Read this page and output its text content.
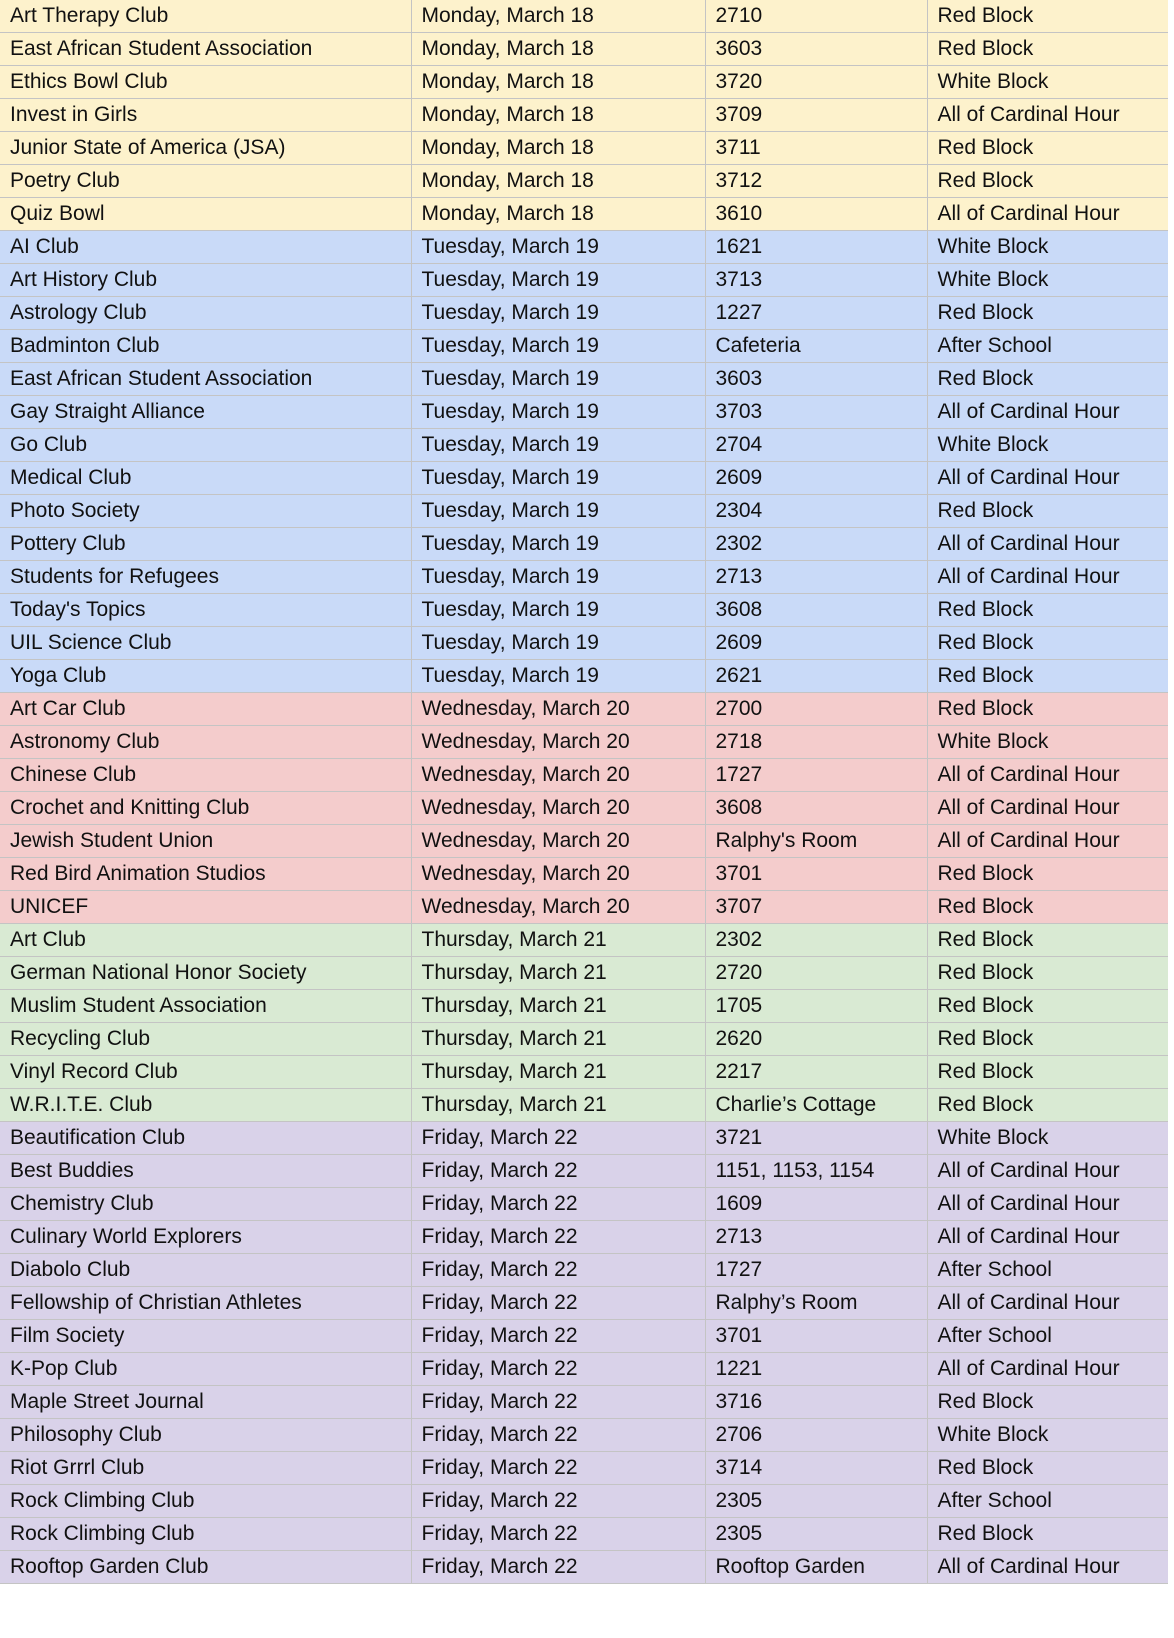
Art Therapy Club	Monday, March 18	2710	Red Block
East African Student Association	Monday, March 18	3603	Red Block
Ethics Bowl Club	Monday, March 18	3720	White Block
Invest in Girls	Monday, March 18	3709	All of Cardinal Hour
Junior State of America (JSA)	Monday, March 18	3711	Red Block
Poetry Club	Monday, March 18	3712	Red Block
Quiz Bowl	Monday, March 18	3610	All of Cardinal Hour
AI Club	Tuesday, March 19	1621	White Block
Art History Club	Tuesday, March 19	3713	White Block
Astrology Club	Tuesday, March 19	1227	Red Block
Badminton Club	Tuesday, March 19	Cafeteria	After School
East African Student Association	Tuesday, March 19	3603	Red Block
Gay Straight Alliance	Tuesday, March 19	3703	All of Cardinal Hour
Go Club	Tuesday, March 19	2704	White Block
Medical Club	Tuesday, March 19	2609	All of Cardinal Hour
Photo Society	Tuesday, March 19	2304	Red Block
Pottery Club	Tuesday, March 19	2302	All of Cardinal Hour
Students for Refugees	Tuesday, March 19	2713	All of Cardinal Hour
Today's Topics	Tuesday, March 19	3608	Red Block
UIL Science Club	Tuesday, March 19	2609	Red Block
Yoga Club	Tuesday, March 19	2621	Red Block
Art Car Club	Wednesday, March 20	2700	Red Block
Astronomy Club	Wednesday, March 20	2718	White Block
Chinese Club	Wednesday, March 20	1727	All of Cardinal Hour
Crochet and Knitting Club	Wednesday, March 20	3608	All of Cardinal Hour
Jewish Student Union	Wednesday, March 20	Ralphy's Room	All of Cardinal Hour
Red Bird Animation Studios	Wednesday, March 20	3701	Red Block
UNICEF	Wednesday, March 20	3707	Red Block
Art Club	Thursday, March 21	2302	Red Block
German National Honor Society	Thursday, March 21	2720	Red Block
Muslim Student Association	Thursday, March 21	1705	Red Block
Recycling Club	Thursday, March 21	2620	Red Block
Vinyl Record Club	Thursday, March 21	2217	Red Block
W.R.I.T.E. Club	Thursday, March 21	Charlie’s Cottage	Red Block
Beautification Club	Friday, March 22	3721	White Block
Best Buddies	Friday, March 22	1151, 1153, 1154	All of Cardinal Hour
Chemistry Club	Friday, March 22	1609	All of Cardinal Hour
Culinary World Explorers	Friday, March 22	2713	All of Cardinal Hour
Diabolo Club	Friday, March 22	1727	After School
Fellowship of Christian Athletes	Friday, March 22	Ralphy’s Room	All of Cardinal Hour
Film Society	Friday, March 22	3701	After School
K-Pop Club	Friday, March 22	1221	All of Cardinal Hour
Maple Street Journal	Friday, March 22	3716	Red Block
Philosophy Club	Friday, March 22	2706	White Block
Riot Grrrl Club	Friday, March 22	3714	Red Block
Rock Climbing Club	Friday, March 22	2305	After School
Rock Climbing Club	Friday, March 22	2305	Red Block
Rooftop Garden Club	Friday, March 22	Rooftop Garden	All of Cardinal Hour
